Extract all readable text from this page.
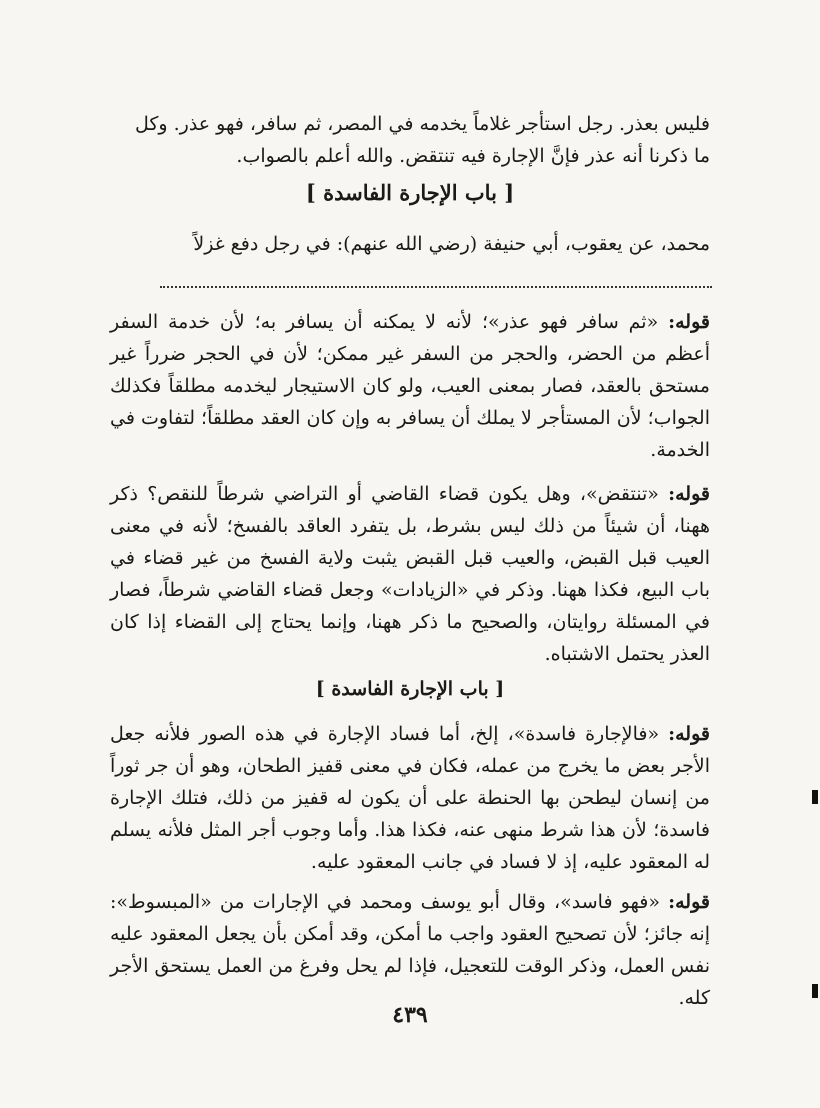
فليس بعذر. رجل استأجر غلاماً يخدمه في المصر، ثم سافر، فهو عذر. وكل
ما ذكرنا أنه عذر فإنَّ الإجارة فيه تنتقض. والله أعلم بالصواب.
[ باب الإجارة الفاسدة ]
محمد، عن يعقوب، أبي حنيفة (رضي الله عنهم): في رجل دفع غزلاً
قوله: «ثم سافر فهو عذر»؛ لأنه لا يمكنه أن يسافر به؛ لأن خدمة السفر أعظم من الحضر، والحجر من السفر غير ممكن؛ لأن في الحجر ضرراً غير مستحق بالعقد، فصار بمعنى العيب، ولو كان الاستيجار ليخدمه مطلقاً فكذلك الجواب؛ لأن المستأجر لا يملك أن يسافر به وإن كان العقد مطلقاً؛ لتفاوت في الخدمة.
قوله: «تنتقض»، وهل يكون قضاء القاضي أو التراضي شرطاً للنقص؟ ذكر ههنا، أن شيئاً من ذلك ليس بشرط، بل يتفرد العاقد بالفسخ؛ لأنه في معنى العيب قبل القبض، والعيب قبل القبض يثبت ولاية الفسخ من غير قضاء في باب البيع، فكذا ههنا. وذكر في «الزيادات» وجعل قضاء القاضي شرطاً، فصار في المسئلة روايتان، والصحيح ما ذكر ههنا، وإنما يحتاج إلى القضاء إذا كان العذر يحتمل الاشتباه.
[ باب الإجارة الفاسدة ]
قوله: «فالإجارة فاسدة»، إلخ، أما فساد الإجارة في هذه الصور فلأنه جعل الأجر بعض ما يخرج من عمله، فكان في معنى قفيز الطحان، وهو أن جر ثوراً من إنسان ليطحن بها الحنطة على أن يكون له قفيز من ذلك، فتلك الإجارة فاسدة؛ لأن هذا شرط منهى عنه، فكذا هذا. وأما وجوب أجر المثل فلأنه يسلم له المعقود عليه، إذ لا فساد في جانب المعقود عليه.
قوله: «فهو فاسد»، وقال أبو يوسف ومحمد في الإجارات من «المبسوط»: إنه جائز؛ لأن تصحيح العقود واجب ما أمكن، وقد أمكن بأن يجعل المعقود عليه نفس العمل، وذكر الوقت للتعجيل، فإذا لم يحل وفرغ من العمل يستحق الأجر كله.
٤٣٩
